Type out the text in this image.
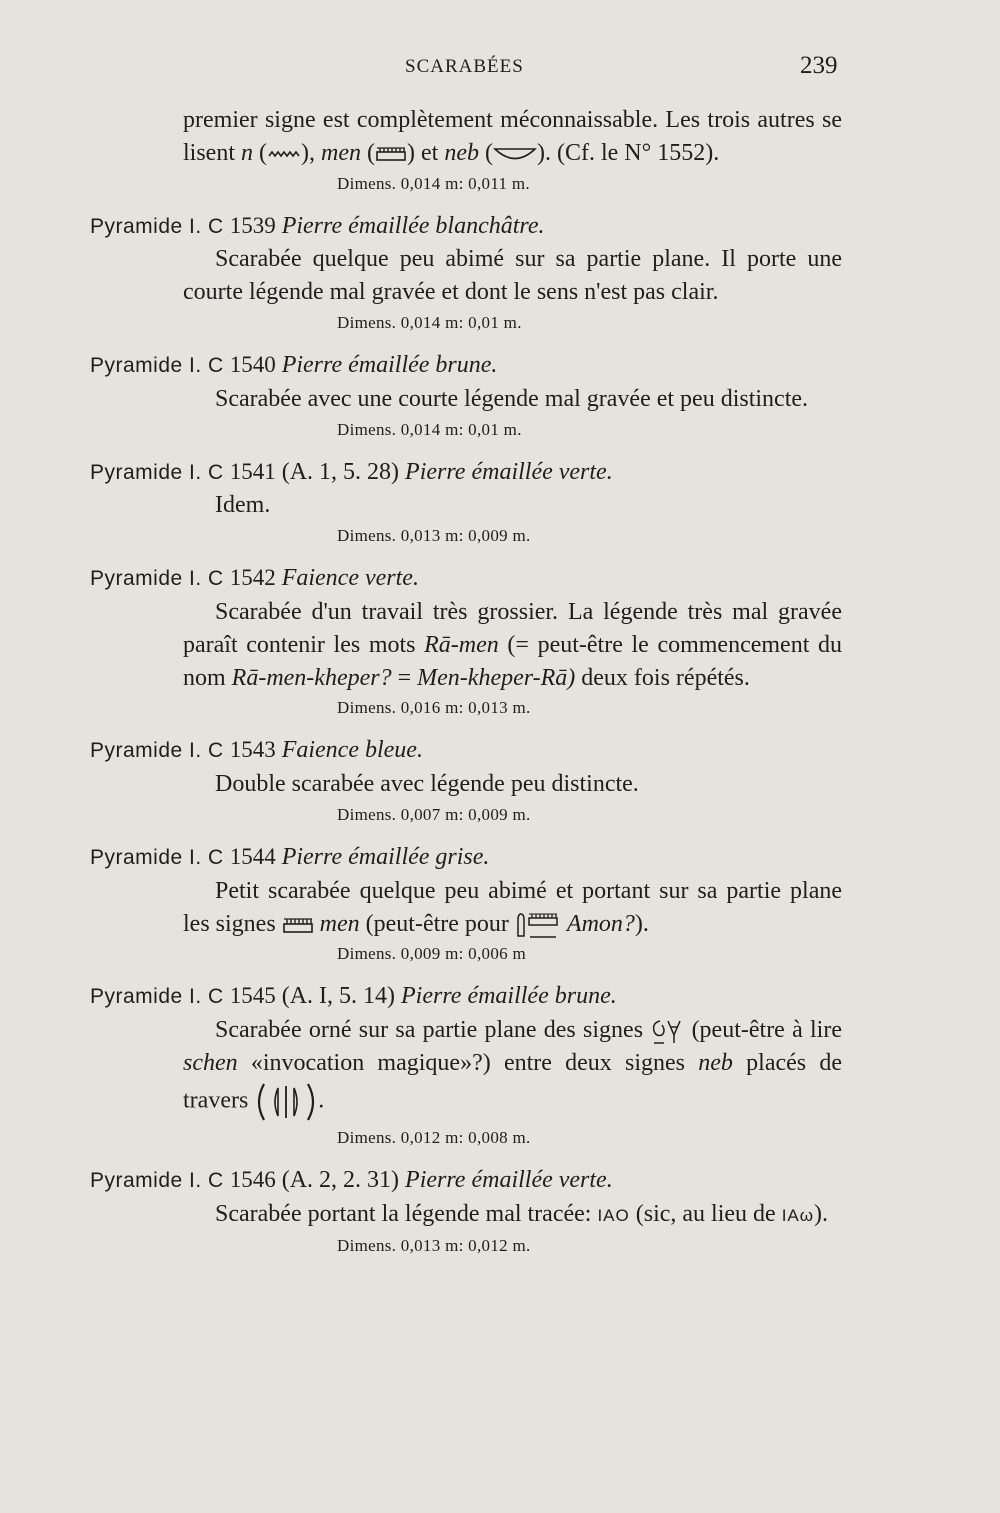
SCARABÉES	239

premier signe est complètement méconnaissable. Les trois autres se lisent n ( ), men ( ) et neb ( ). (Cf. le N° 1552).

Dimens. 0,014 m: 0,011 m.

Pyramide I. C 1539 Pierre émaillée blanchâtre.

Scarabée quelque peu abimé sur sa partie plane. Il porte une courte légende mal gravée et dont le sens n'est pas clair.

Dimens. 0,014 m: 0,01 m.

Pyramide I. C 1540 Pierre émaillée brune.

Scarabée avec une courte légende mal gravée et peu distincte.

Dimens. 0,014 m: 0,01 m.

Pyramide I. C 1541 (A. 1, 5. 28) Pierre émaillée verte.

Idem.

Dimens. 0,013 m: 0,009 m.

Pyramide I. C 1542 Faience verte.

Scarabée d'un travail très grossier. La légende très mal gravée paraît contenir les mots Rā-men (= peut-être le commencement du nom Rā-men-kheper? = Men-kheper-Rā) deux fois répétés.

Dimens. 0,016 m: 0,013 m.

Pyramide I. C 1543 Faience bleue.

Double scarabée avec légende peu distincte.

Dimens. 0,007 m: 0,009 m.

Pyramide I. C 1544 Pierre émaillée grise.

Petit scarabée quelque peu abimé et portant sur sa partie plane les signes men (peut-être pour Amon?).

Dimens. 0,009 m: 0,006 m

Pyramide I. C 1545 (A. I, 5. 14) Pierre émaillée brune.

Scarabée orné sur sa partie plane des signes (peut-être à lire schen «invocation magique»?) entre deux signes neb placés de travers	.

Dimens. 0,012 m: 0,008 m.

Pyramide I. C 1546 (A. 2, 2. 31) Pierre émaillée verte.

Scarabée portant la légende mal tracée: IAO (sic, au lieu de IAω).

Dimens. 0,013 m: 0,012 m.
